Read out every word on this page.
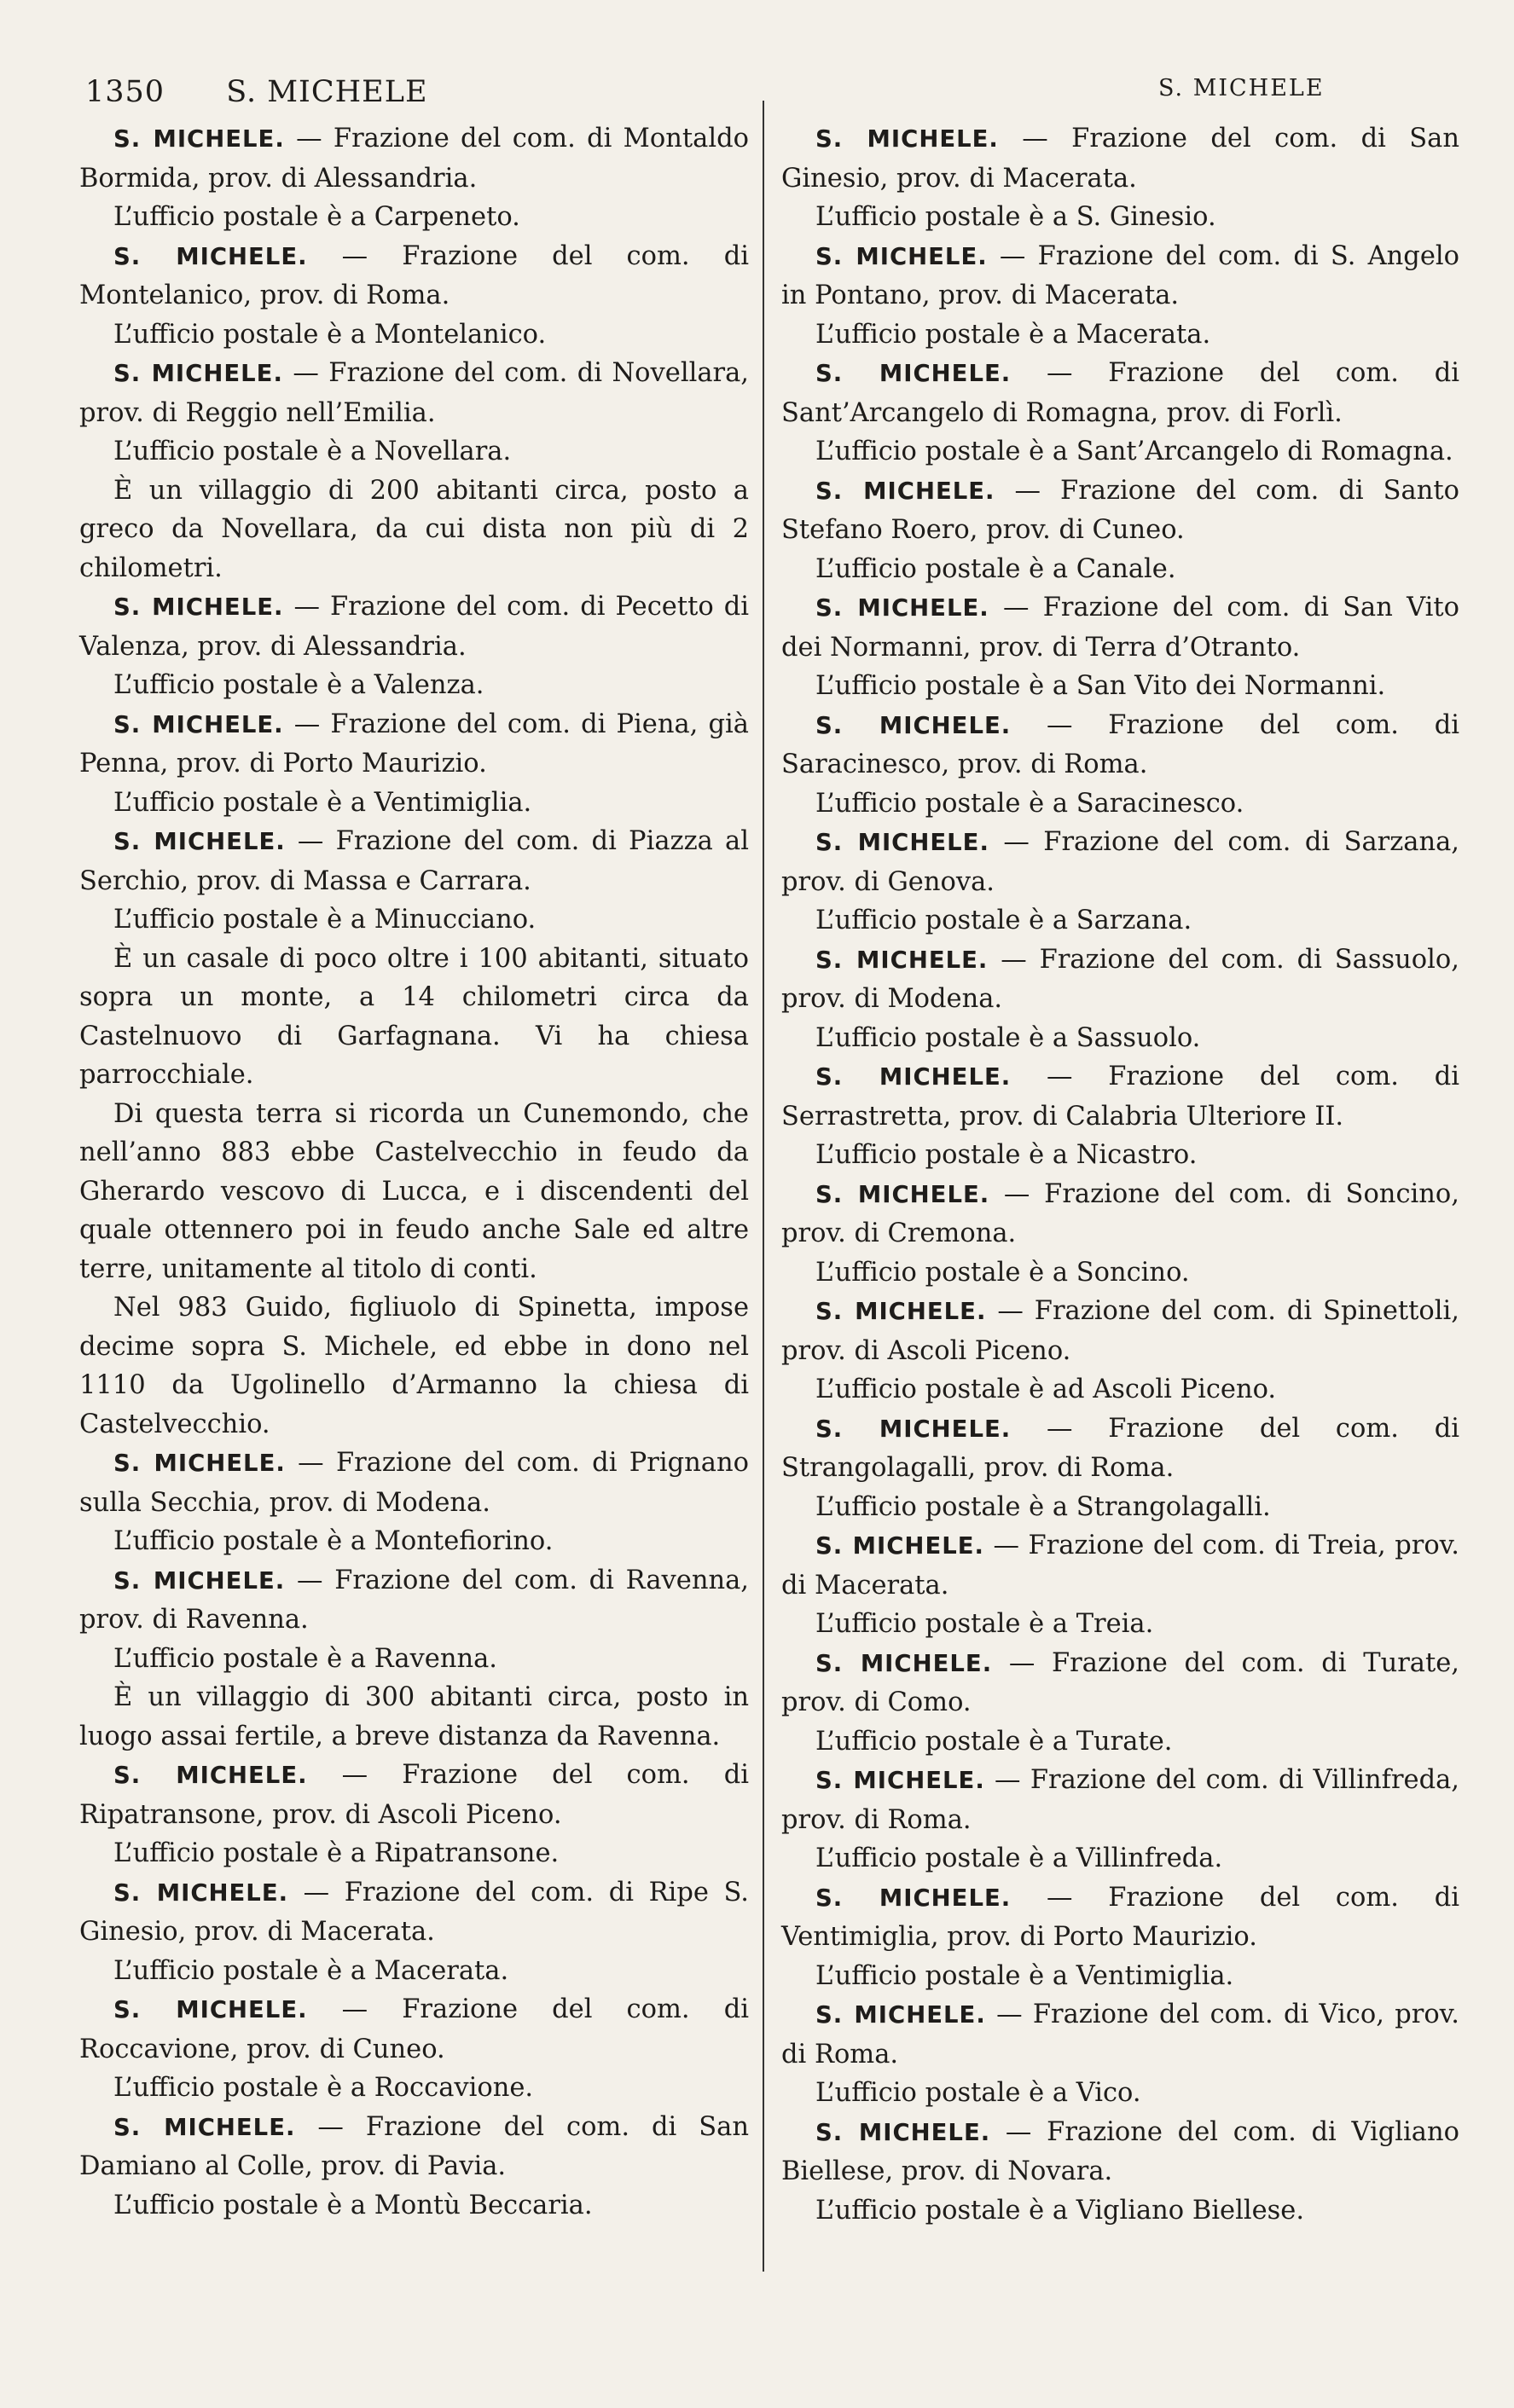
1350 S. MICHELE	S. MICHELE

S. MICHELE. — Frazione del com. di Montaldo Bormida, prov. di Alessandria.

L’ufficio postale è a Carpeneto.

S. MICHELE. — Frazione del com. di Montelanico, prov. di Roma.

L’ufficio postale è a Montelanico.

S. MICHELE. — Frazione del com. di Novellara, prov. di Reggio nell’Emilia.

L’ufficio postale è a Novellara.

È un villaggio di 200 abitanti circa, posto a greco da Novellara, da cui dista non più di 2 chilometri.

S. MICHELE. — Frazione del com. di Pecetto di Valenza, prov. di Alessandria.

L’ufficio postale è a Valenza.

S. MICHELE. — Frazione del com. di Piena, già Penna, prov. di Porto Maurizio.

L’ufficio postale è a Ventimiglia.

S. MICHELE. — Frazione del com. di Piazza al Serchio, prov. di Massa e Carrara.

L’ufficio postale è a Minucciano.

È un casale di poco oltre i 100 abitanti, situato sopra un monte, a 14 chilometri circa da Castelnuovo di Garfagnana. Vi ha chiesa parrocchiale.

Di questa terra si ricorda un Cunemondo, che nell’anno 883 ebbe Castelvecchio in feudo da Gherardo vescovo di Lucca, e i discendenti del quale ottennero poi in feudo anche Sale ed altre terre, unitamente al titolo di conti.

Nel 983 Guido, figliuolo di Spinetta, impose decime sopra S. Michele, ed ebbe in dono nel 1110 da Ugolinello d’Armanno la chiesa di Castelvecchio.

S. MICHELE. — Frazione del com. di Prignano sulla Secchia, prov. di Modena.

L’ufficio postale è a Montefiorino.

S. MICHELE. — Frazione del com. di Ravenna, prov. di Ravenna.

L’ufficio postale è a Ravenna.

È un villaggio di 300 abitanti circa, posto in luogo assai fertile, a breve distanza da Ravenna.

S. MICHELE. — Frazione del com. di Ripatransone, prov. di Ascoli Piceno.

L’ufficio postale è a Ripatransone.

S. MICHELE. — Frazione del com. di Ripe S. Ginesio, prov. di Macerata.

L’ufficio postale è a Macerata.

S. MICHELE. — Frazione del com. di Roccavione, prov. di Cuneo.

L’ufficio postale è a Roccavione.

S. MICHELE. — Frazione del com. di San Damiano al Colle, prov. di Pavia.

L’ufficio postale è a Montù Beccaria.

S. MICHELE. — Frazione del com. di San Ginesio, prov. di Macerata.

L’ufficio postale è a S. Ginesio.

S. MICHELE. — Frazione del com. di S. Angelo in Pontano, prov. di Macerata.

L’ufficio postale è a Macerata.

S. MICHELE. — Frazione del com. di Sant’Arcangelo di Romagna, prov. di Forlì.

L’ufficio postale è a Sant’Arcangelo di Romagna.

S. MICHELE. — Frazione del com. di Santo Stefano Roero, prov. di Cuneo.

L’ufficio postale è a Canale.

S. MICHELE. — Frazione del com. di San Vito dei Normanni, prov. di Terra d’Otranto.

L’ufficio postale è a San Vito dei Normanni.

S. MICHELE. — Frazione del com. di Saracinesco, prov. di Roma.

L’ufficio postale è a Saracinesco.

S. MICHELE. — Frazione del com. di Sarzana, prov. di Genova.

L’ufficio postale è a Sarzana.

S. MICHELE. — Frazione del com. di Sassuolo, prov. di Modena.

L’ufficio postale è a Sassuolo.

S. MICHELE. — Frazione del com. di Serrastretta, prov. di Calabria Ulteriore II.

L’ufficio postale è a Nicastro.

S. MICHELE. — Frazione del com. di Soncino, prov. di Cremona.

L’ufficio postale è a Soncino.

S. MICHELE. — Frazione del com. di Spinettoli, prov. di Ascoli Piceno.

L’ufficio postale è ad Ascoli Piceno.

S. MICHELE. — Frazione del com. di Strangolagalli, prov. di Roma.

L’ufficio postale è a Strangolagalli.

S. MICHELE. — Frazione del com. di Treia, prov. di Macerata.

L’ufficio postale è a Treia.

S. MICHELE. — Frazione del com. di Turate, prov. di Como.

L’ufficio postale è a Turate.

S. MICHELE. — Frazione del com. di Villinfreda, prov. di Roma.

L’ufficio postale è a Villinfreda.

S. MICHELE. — Frazione del com. di Ventimiglia, prov. di Porto Maurizio.

L’ufficio postale è a Ventimiglia.

S. MICHELE. — Frazione del com. di Vico, prov. di Roma.

L’ufficio postale è a Vico.

S. MICHELE. — Frazione del com. di Vigliano Biellese, prov. di Novara.

L’ufficio postale è a Vigliano Biellese.
